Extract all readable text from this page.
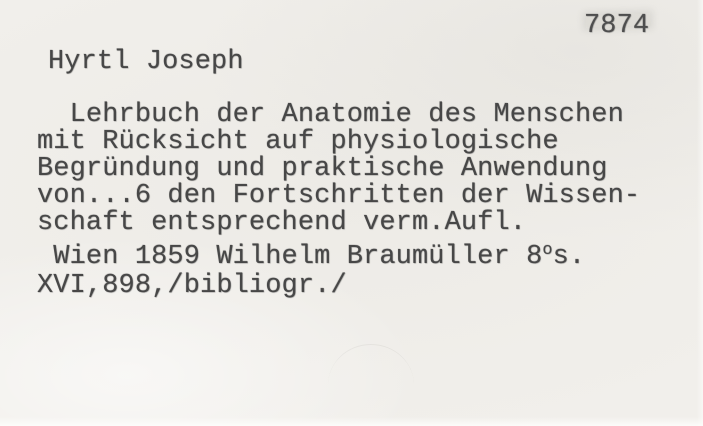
7874
Hyrtl Joseph
Lehrbuch der Anatomie des Menschen
mit Rücksicht auf physiologische
Begründung und praktische Anwendung
von...6 den Fortschritten der Wissen-
schaft entsprechend verm.Aufl.
Wien 1859 Wilhelm Braumüller 8os.
XVI,898,/bibliogr./
